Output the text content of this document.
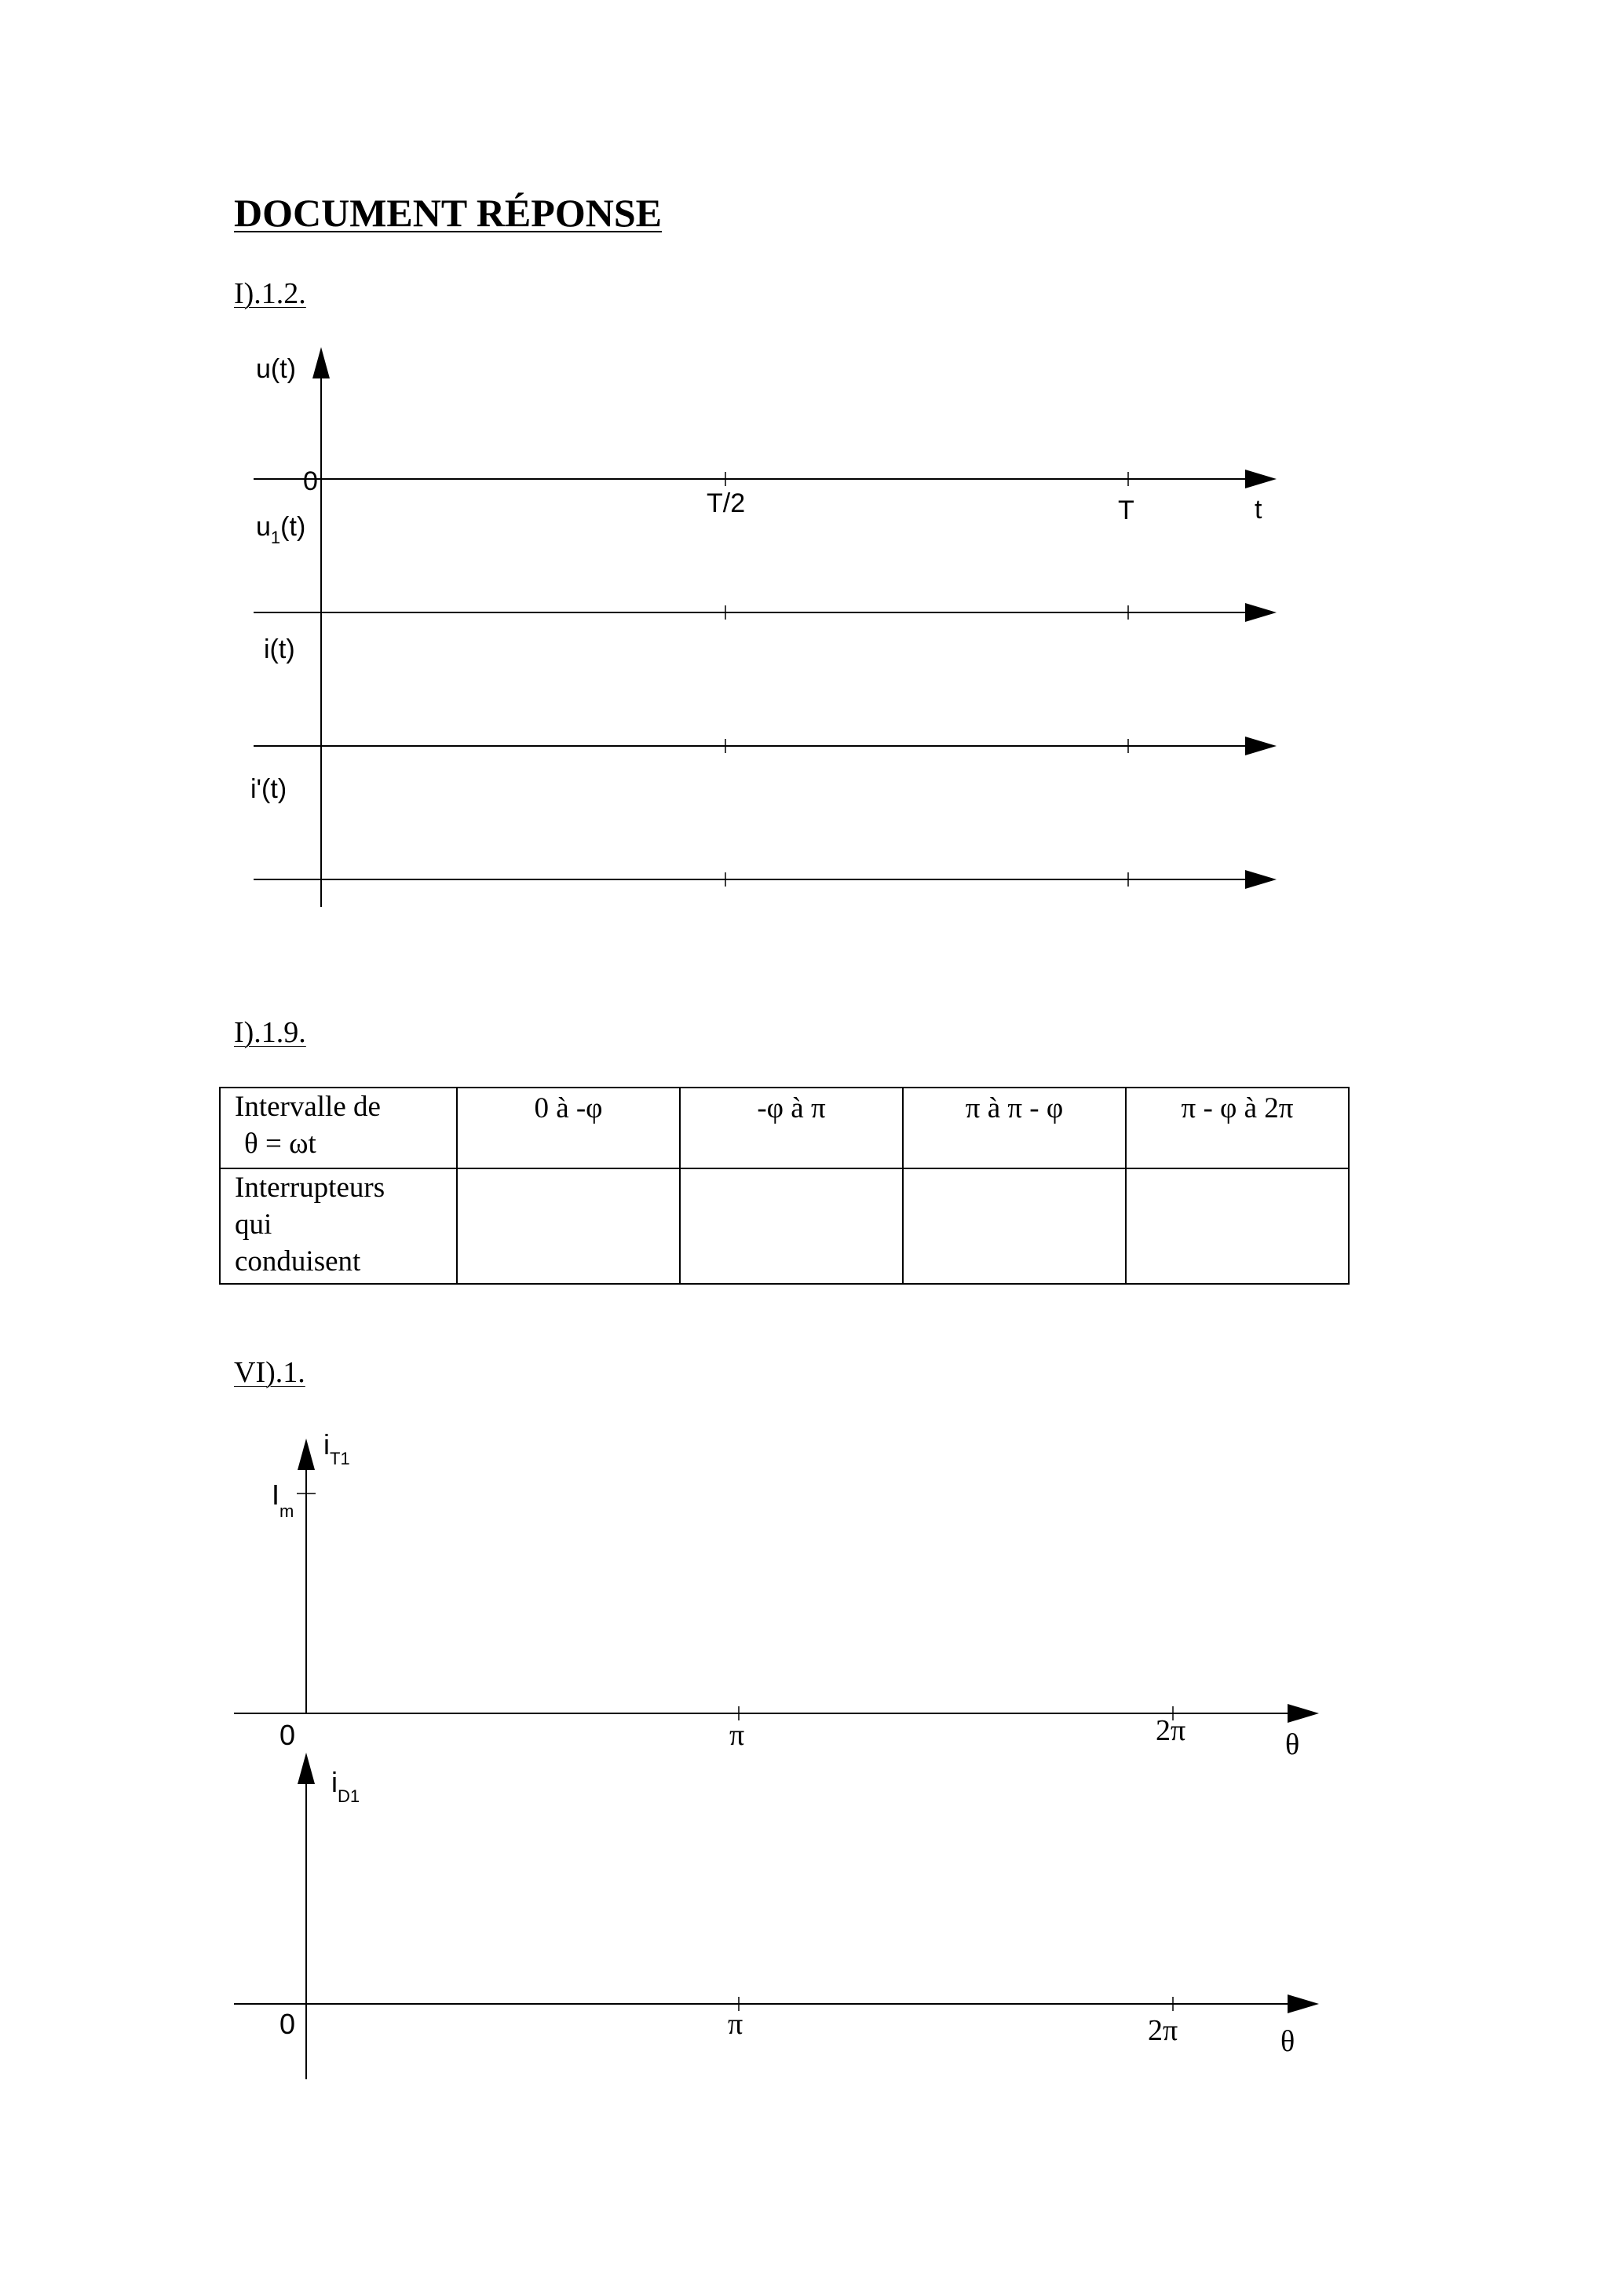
DOCUMENT RÉPONSE

I).1.2.

I).1.9.

VI).1.

u(t)
0
$u_1(t)$
T/2	T	t
i(t)
i'(t)
Intervalle de
θ = ωt	0 à -φ	-φ à π	π à π - φ	π - φ à 2π

Interrupteurs
qui
conduisent				

$i_{T1}$
$I_m$
0
$i_{D1}$
0
π	2π	θ
π	2π	θ
